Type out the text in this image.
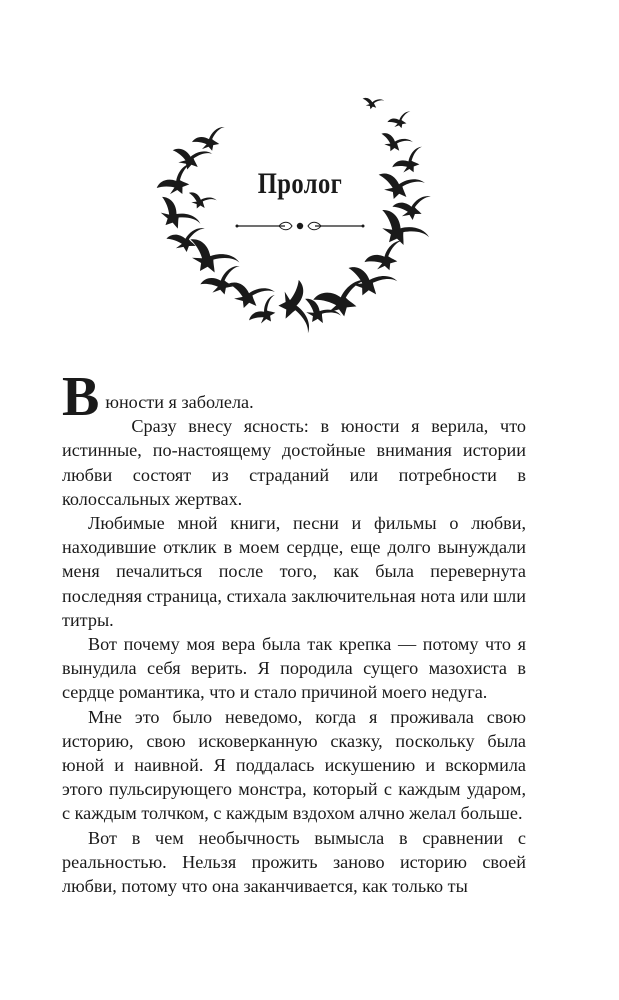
Пролог

В юности я заболела.

Сразу внесу ясность: в юности я верила, что истинные, по-настоящему достойные внимания истории любви состоят из страданий или потребности в колоссальных жертвах.

Любимые мной книги, песни и фильмы о любви, находившие отклик в моем сердце, еще долго вынуждали меня печалиться после того, как была перевернута последняя страница, стихала заключительная нота или шли титры.

Вот почему моя вера была так крепка — потому что я вынудила себя верить. Я породила сущего мазохиста в сердце романтика, что и стало причиной моего недуга.

Мне это было неведомо, когда я проживала свою историю, свою исковерканную сказку, поскольку была юной и наивной. Я поддалась искушению и вскормила этого пульсирующего монстра, который с каждым ударом, с каждым толчком, с каждым вздохом алчно желал больше.

Вот в чем необычность вымысла в сравнении с реальностью. Нельзя прожить заново историю своей любви, потому что она заканчивается, как только ты
